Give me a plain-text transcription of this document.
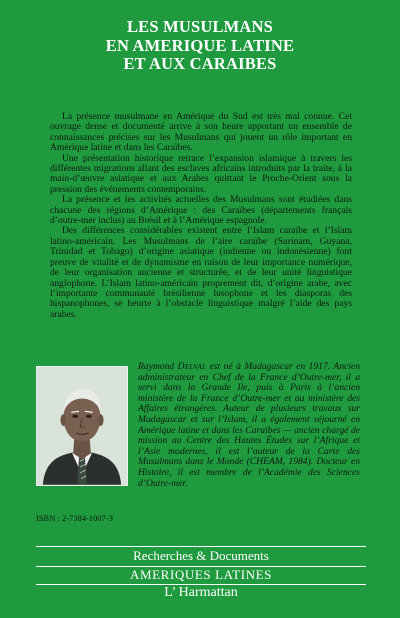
LES MUSULMANS
EN AMERIQUE LATINE
ET AUX CARAIBES

La présence musulmane en Amérique du Sud est très mal connue. Cet ouvrage dense et documenté arrive à son heure apportant un ensemble de connaissances précises sur les Musulmans qui jouent un rôle important en Amérique latine et dans les Caraïbes.

Une présentation historique retrace l’expansion islamique à travers les différentes migrations allant des esclaves africains introduits par la traite, à la main-d’œuvre asiatique et aux Arabes quittant le Proche-Orient sous la pression des événements contemporains.

La présence et les activités actuelles des Musulmans sont étudiées dans chacune des régions d’Amérique : des Caraïbes (départements français d’outre-mer inclus) au Brésil et à l’Amérique espagnole.

Des différences considérables existent entre l’Islam caraïbe et l’Islam latino-américain. Les Musulmans de l’aire caraïbe (Surinam, Guyana, Trinidad et Tobago) d’origine asiatique (indienne ou indonésienne) font preuve de vitalité et de dynamisme en raison de leur importance numérique, de leur organisation ancienne et structurée, et de leur unité linguistique anglophone. L’Islam latino-américain proprement dit, d’origine arabe, avec l’importante communauté brésilienne lusophone et les diasporas des hispanophones, se heurte à l’obstacle linguistique malgré l’aide des pays arabes.

Raymond Delval est né à Madagascar en 1917. Ancien administrateur en Chef de la France d’Outre-mer, il a servi dans la Grande Ile, puis à Paris à l’ancien ministère de la France d’Outre-mer et au ministère des Affaires étrangères. Auteur de plusieurs travaux sur Madagascar et sur l’Islam, il a également séjourné en Amérique latine et dans les Caraïbes — ancien chargé de mission au Centre des Hautes Études sur l’Afrique et l’Asie modernes, il est l’auteur de la Carte des Musulmans dans le Monde (CHEAM, 1984). Docteur en Histoire, il est membre de l’Académie des Sciences d’Outre-mer.
ISBN : 2-7384-1007-3
Recherches & Documents
AMERIQUES LATINES
L’ Harmattan
